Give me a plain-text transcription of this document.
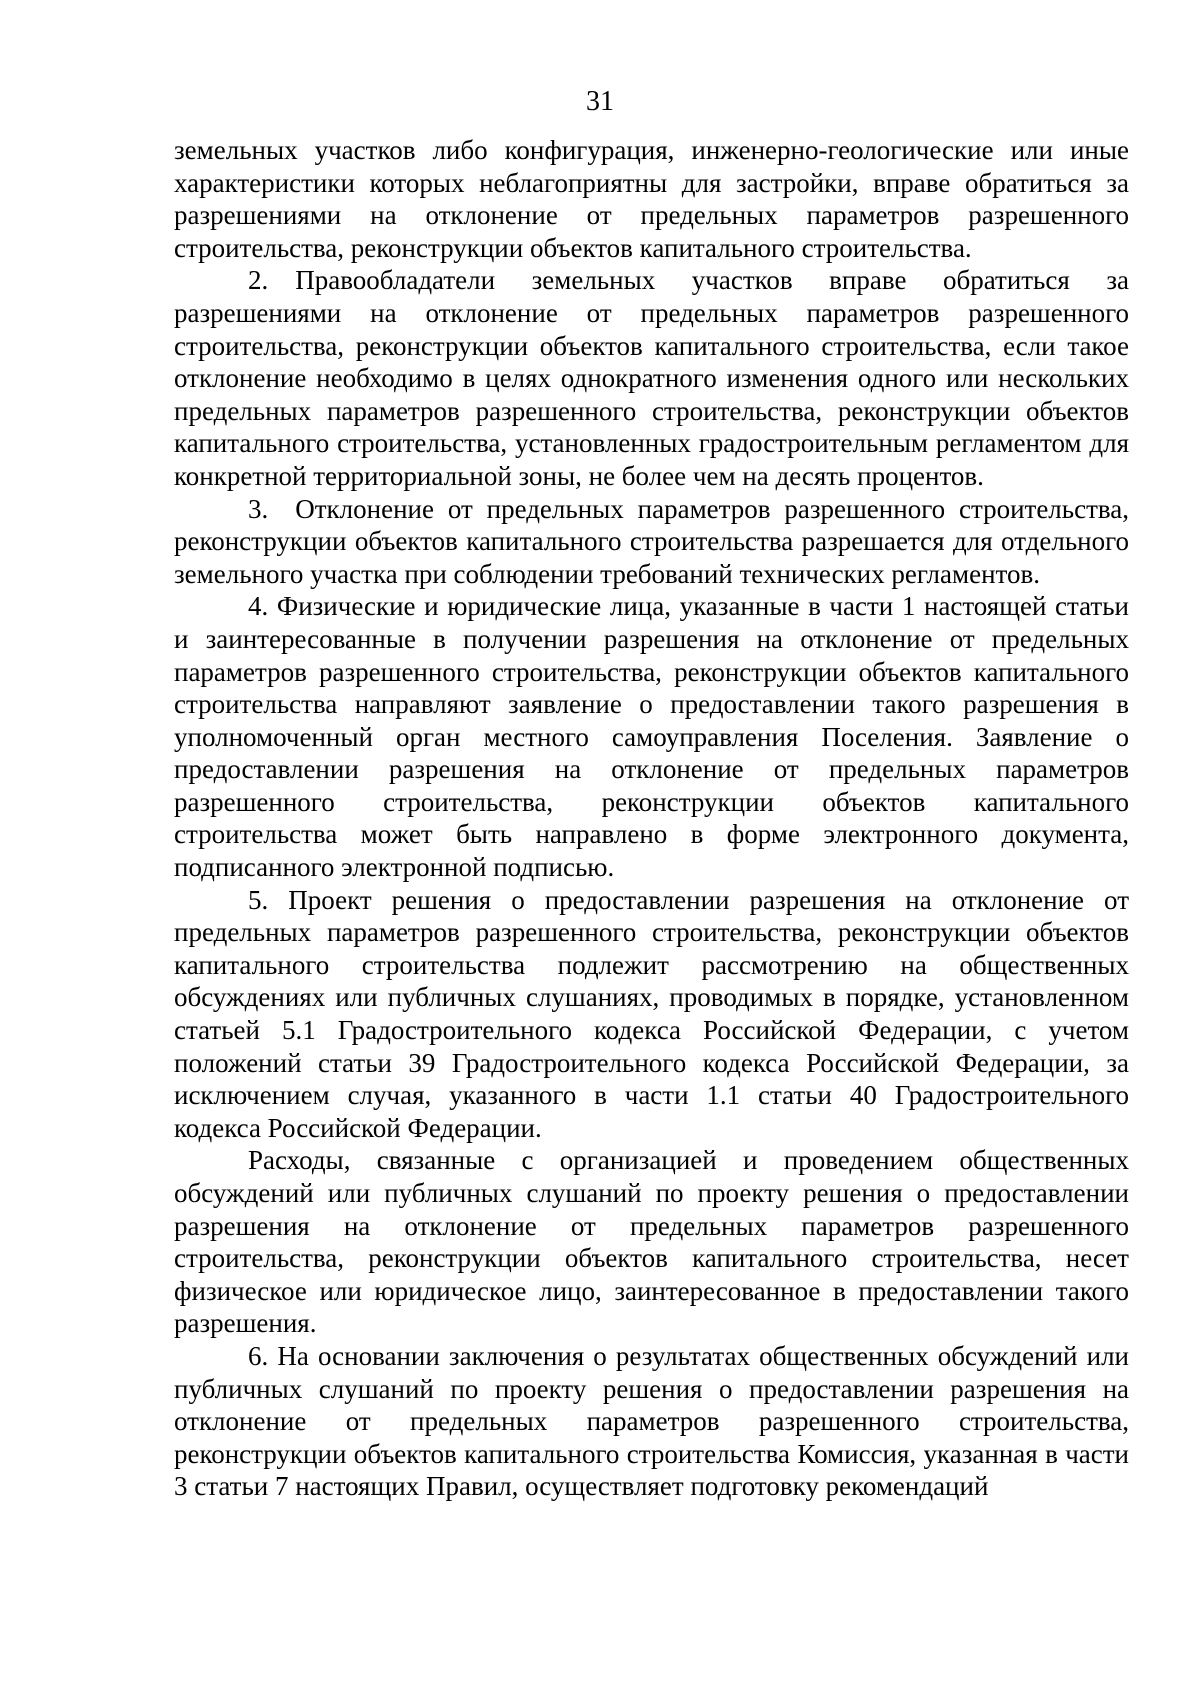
31

земельных участков либо конфигурация, инженерно-геологические или иные характеристики которых неблагоприятны для застройки, вправе обратиться за разрешениями на отклонение от предельных параметров разрешенного строительства, реконструкции объектов капитального строительства.

2. Правообладатели земельных участков вправе обратиться за разрешениями на отклонение от предельных параметров разрешенного строительства, реконструкции объектов капитального строительства, если такое отклонение необходимо в целях однократного изменения одного или нескольких предельных параметров разрешенного строительства, реконструкции объектов капитального строительства, установленных градостроительным регламентом для конкретной территориальной зоны, не более чем на десять процентов.

3. Отклонение от предельных параметров разрешенного строительства, реконструкции объектов капитального строительства разрешается для отдельного земельного участка при соблюдении требований технических регламентов.

4. Физические и юридические лица, указанные в части 1 настоящей статьи и заинтересованные в получении разрешения на отклонение от предельных параметров разрешенного строительства, реконструкции объектов капитального строительства направляют заявление о предоставлении такого разрешения в уполномоченный орган местного самоуправления Поселения. Заявление о предоставлении разрешения на отклонение от предельных параметров разрешенного строительства, реконструкции объектов капитального строительства может быть направлено в форме электронного документа, подписанного электронной подписью.

5. Проект решения о предоставлении разрешения на отклонение от предельных параметров разрешенного строительства, реконструкции объектов капитального строительства подлежит рассмотрению на общественных обсуждениях или публичных слушаниях, проводимых в порядке, установленном статьей 5.1 Градостроительного кодекса Российской Федерации, с учетом положений статьи 39 Градостроительного кодекса Российской Федерации, за исключением случая, указанного в части 1.1 статьи 40 Градостроительного кодекса Российской Федерации.

Расходы, связанные с организацией и проведением общественных обсуждений или публичных слушаний по проекту решения о предоставлении разрешения на отклонение от предельных параметров разрешенного строительства, реконструкции объектов капитального строительства, несет физическое или юридическое лицо, заинтересованное в предоставлении такого разрешения.

6. На основании заключения о результатах общественных обсуждений или публичных слушаний по проекту решения о предоставлении разрешения на отклонение от предельных параметров разрешенного строительства, реконструкции объектов капитального строительства Комиссия, указанная в части 3 статьи 7 настоящих Правил, осуществляет подготовку рекомендаций
